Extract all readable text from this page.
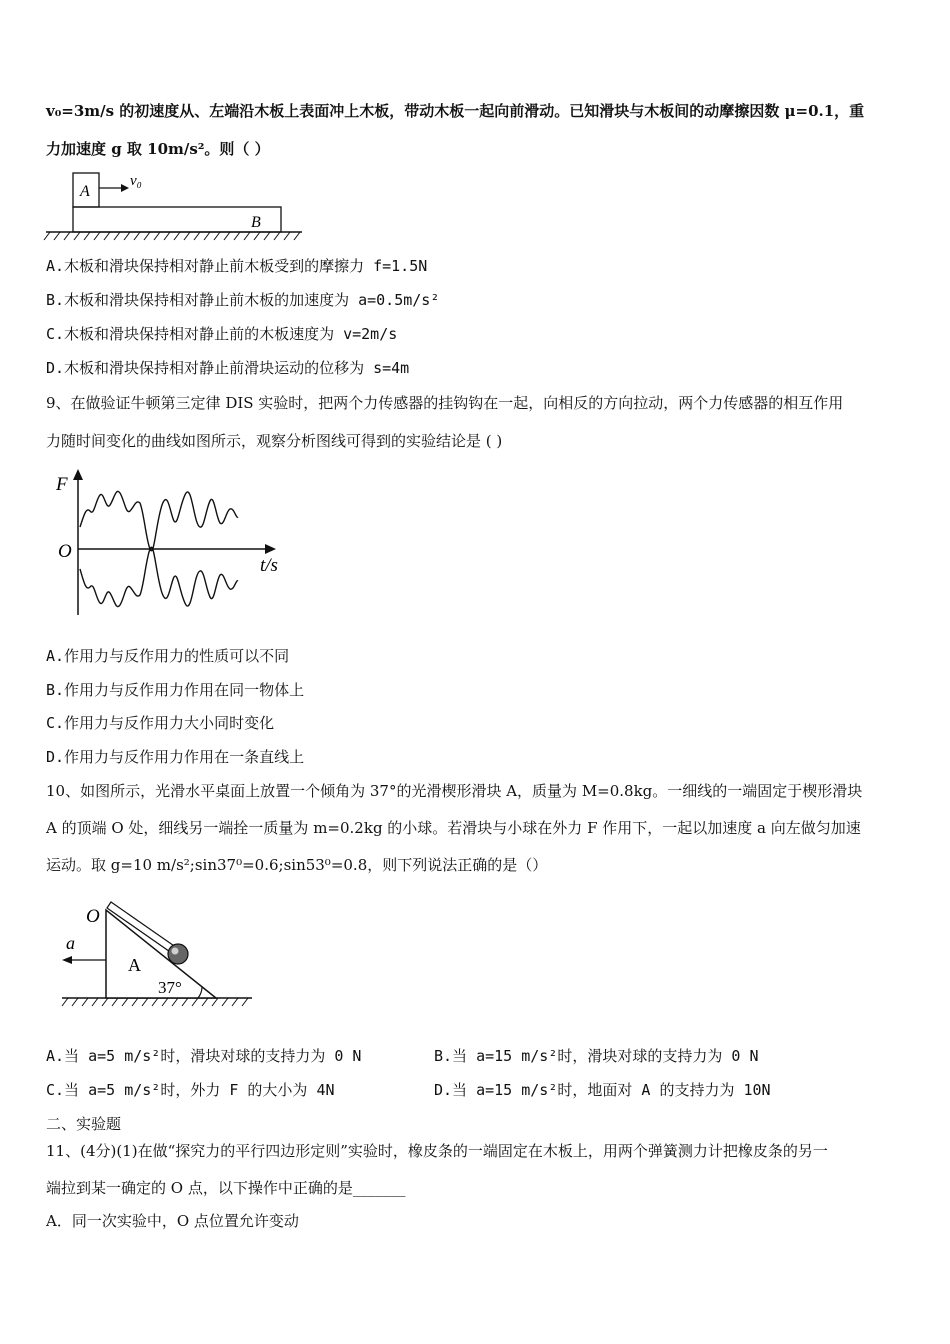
v₀=3m/s 的初速度从、左端沿木板上表面冲上木板，带动木板一起向前滑动。已知滑块与木板间的动摩擦因数 μ=0.1，重
力加速度 g 取 10m/s²。则（ ）
A
v₀
B
A.木板和滑块保持相对静止前木板受到的摩擦力 f=1.5N
B.木板和滑块保持相对静止前木板的加速度为 a=0.5m/s²
C.木板和滑块保持相对静止前的木板速度为 v=2m/s
D.木板和滑块保持相对静止前滑块运动的位移为 s=4m
9、在做验证牛顿第三定律 DIS 实验时，把两个力传感器的挂钩钩在一起，向相反的方向拉动，两个力传感器的相互作用
力随时间变化的曲线如图所示，观察分析图线可得到的实验结论是 ( )
F
O
t/s
A.作用力与反作用力的性质可以不同
B.作用力与反作用力作用在同一物体上
C.作用力与反作用力大小同时变化
D.作用力与反作用力作用在一条直线上
10、如图所示，光滑水平桌面上放置一个倾角为 37°的光滑楔形滑块 A，质量为 M=0.8kg。一细线的一端固定于楔形滑块
A 的顶端 O 处，细线另一端拴一质量为 m=0.2kg 的小球。若滑块与小球在外力 F 作用下，一起以加速度 a 向左做匀加速
运动。取 g=10 m/s²;sin37⁰=0.6;sin53⁰=0.8，则下列说法正确的是（）
O
a
A
37°
A.当 a=5 m/s²时，滑块对球的支持力为 0 N	B.当 a=15 m/s²时，滑块对球的支持力为 0 N
C.当 a=5 m/s²时，外力 F 的大小为 4N	D.当 a=15 m/s²时，地面对 A 的支持力为 10N
二、实验题
11、(4分)(1)在做“探究力的平行四边形定则”实验时，橡皮条的一端固定在木板上，用两个弹簧测力计把橡皮条的另一
端拉到某一确定的 O 点，以下操作中正确的是_______
A．同一次实验中，O 点位置允许变动
